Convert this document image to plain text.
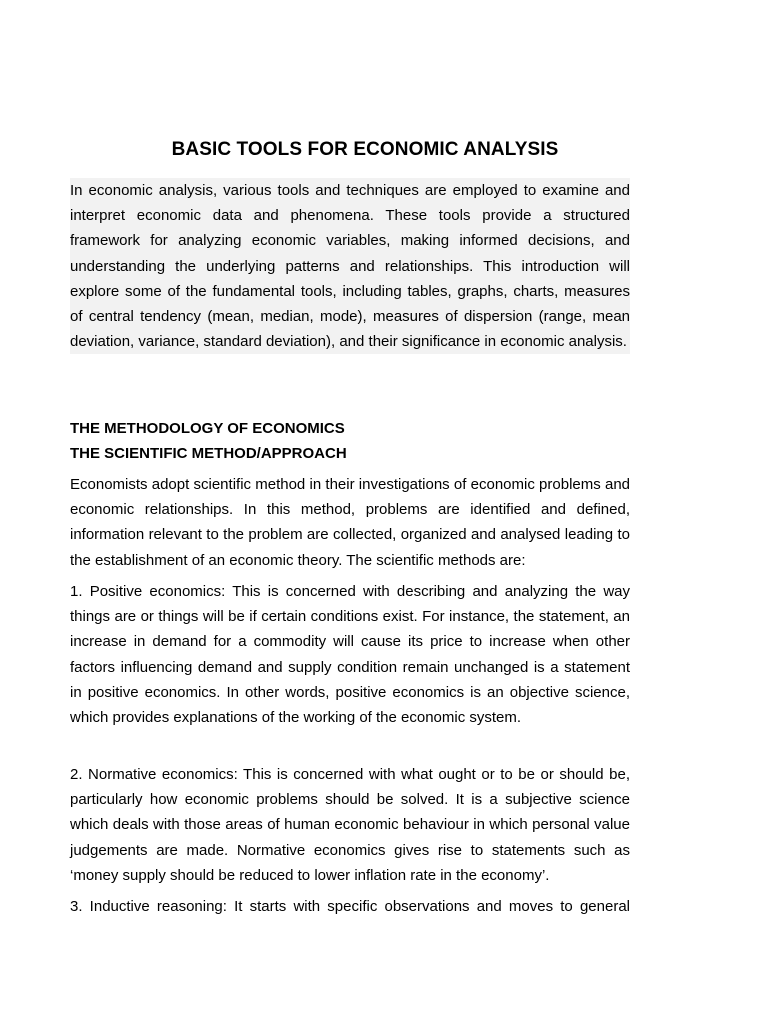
BASIC TOOLS FOR ECONOMIC ANALYSIS

In economic analysis, various tools and techniques are employed to examine and interpret economic data and phenomena. These tools provide a structured framework for analyzing economic variables, making informed decisions, and understanding the underlying patterns and relationships. This introduction will explore some of the fundamental tools, including tables, graphs, charts, measures of central tendency (mean, median, mode), measures of dispersion (range, mean deviation, variance, standard deviation), and their significance in economic analysis.

THE METHODOLOGY OF ECONOMICS
THE SCIENTIFIC METHOD/APPROACH

Economists adopt scientific method in their investigations of economic problems and economic relationships. In this method, problems are identified and defined, information relevant to the problem are collected, organized and analysed leading to the establishment of an economic theory. The scientific methods are:

1. Positive economics: This is concerned with describing and analyzing the way things are or things will be if certain conditions exist. For instance, the statement, an increase in demand for a commodity will cause its price to increase when other factors influencing demand and supply condition remain unchanged is a statement in positive economics. In other words, positive economics is an objective science, which provides explanations of the working of the economic system.

2. Normative economics: This is concerned with what ought or to be or should be, particularly how economic problems should be solved. It is a subjective science which deals with those areas of human economic behaviour in which personal value judgements are made. Normative economics gives rise to statements such as ‘money supply should be reduced to lower inflation rate in the economy’.

3. Inductive reasoning: It starts with specific observations and moves to general
